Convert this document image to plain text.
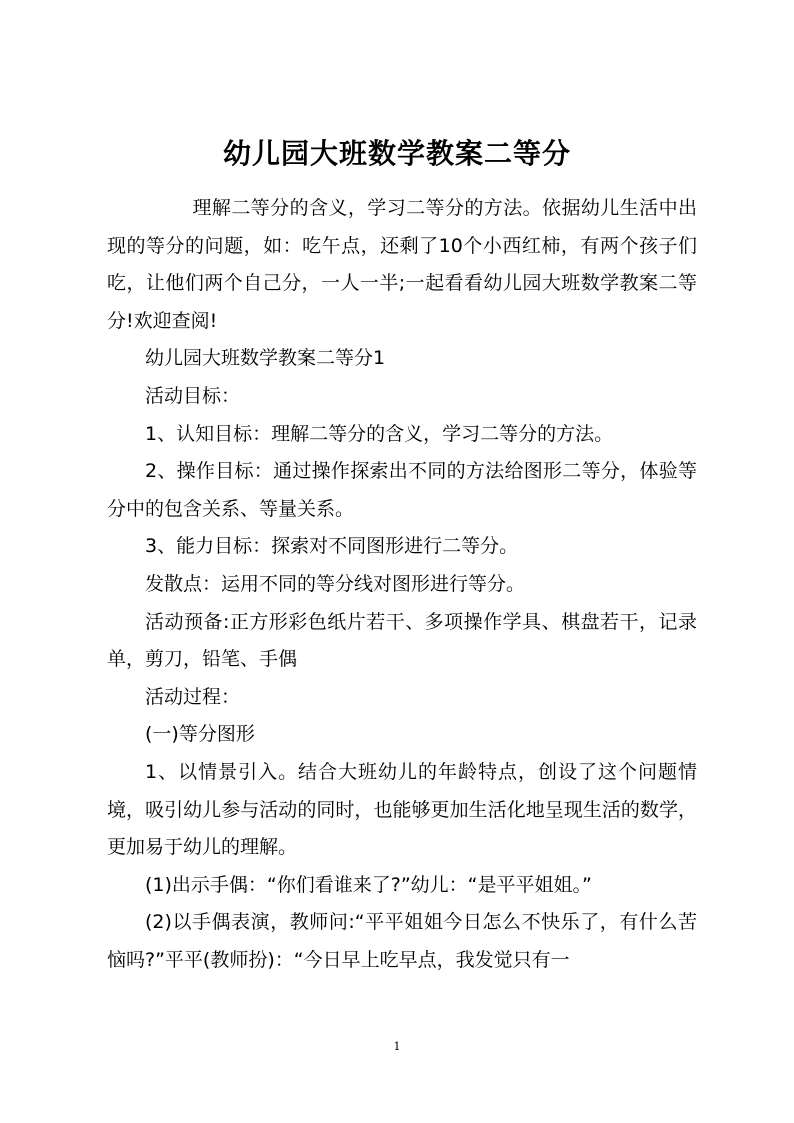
幼儿园大班数学教案二等分

理解二等分的含义，学习二等分的方法。依据幼儿生活中出现的等分的问题，如：吃午点，还剩了10个小西红柿，有两个孩子们吃，让他们两个自己分，一人一半;一起看看幼儿园大班数学教案二等分!欢迎查阅!

幼儿园大班数学教案二等分1

活动目标：

1、认知目标：理解二等分的含义，学习二等分的方法。

2、操作目标：通过操作探索出不同的方法给图形二等分，体验等分中的包含关系、等量关系。

3、能力目标：探索对不同图形进行二等分。

发散点：运用不同的等分线对图形进行等分。

活动预备:正方形彩色纸片若干、多项操作学具、棋盘若干，记录单，剪刀，铅笔、手偶

活动过程：

(一)等分图形

1、以情景引入。结合大班幼儿的年龄特点，创设了这个问题情境，吸引幼儿参与活动的同时，也能够更加生活化地呈现生活的数学，更加易于幼儿的理解。

(1)出示手偶：“你们看谁来了?”幼儿：“是平平姐姐。”

(2)以手偶表演，教师问:“平平姐姐今日怎么不快乐了，有什么苦恼吗?”平平(教师扮)：“今日早上吃早点，我发觉只有一

1
